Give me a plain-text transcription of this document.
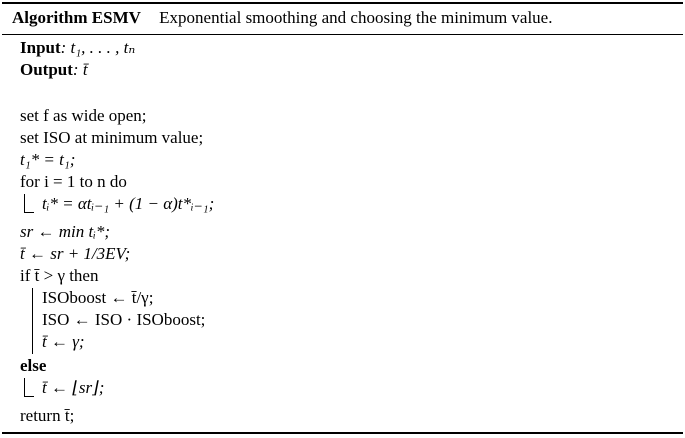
Algorithm ESMV Exponential smoothing and choosing the minimum value.
Input: t₁, . . . , tₙ
Output: t̄
set f as wide open;
set ISO at minimum value;
t₁* = t₁;
for i = 1 to n do
tᵢ* = αtᵢ₋₁ + (1 − α)t*ᵢ₋₁;
sr ← min tᵢ*;
t̄ ← sr + 1/3EV;
if t̄ > γ then
ISOboost ← t̄/γ;
ISO ← ISO · ISOboost;
t̄ ← γ;
else
t̄ ← ⌊sr⌋;
return t̄;
